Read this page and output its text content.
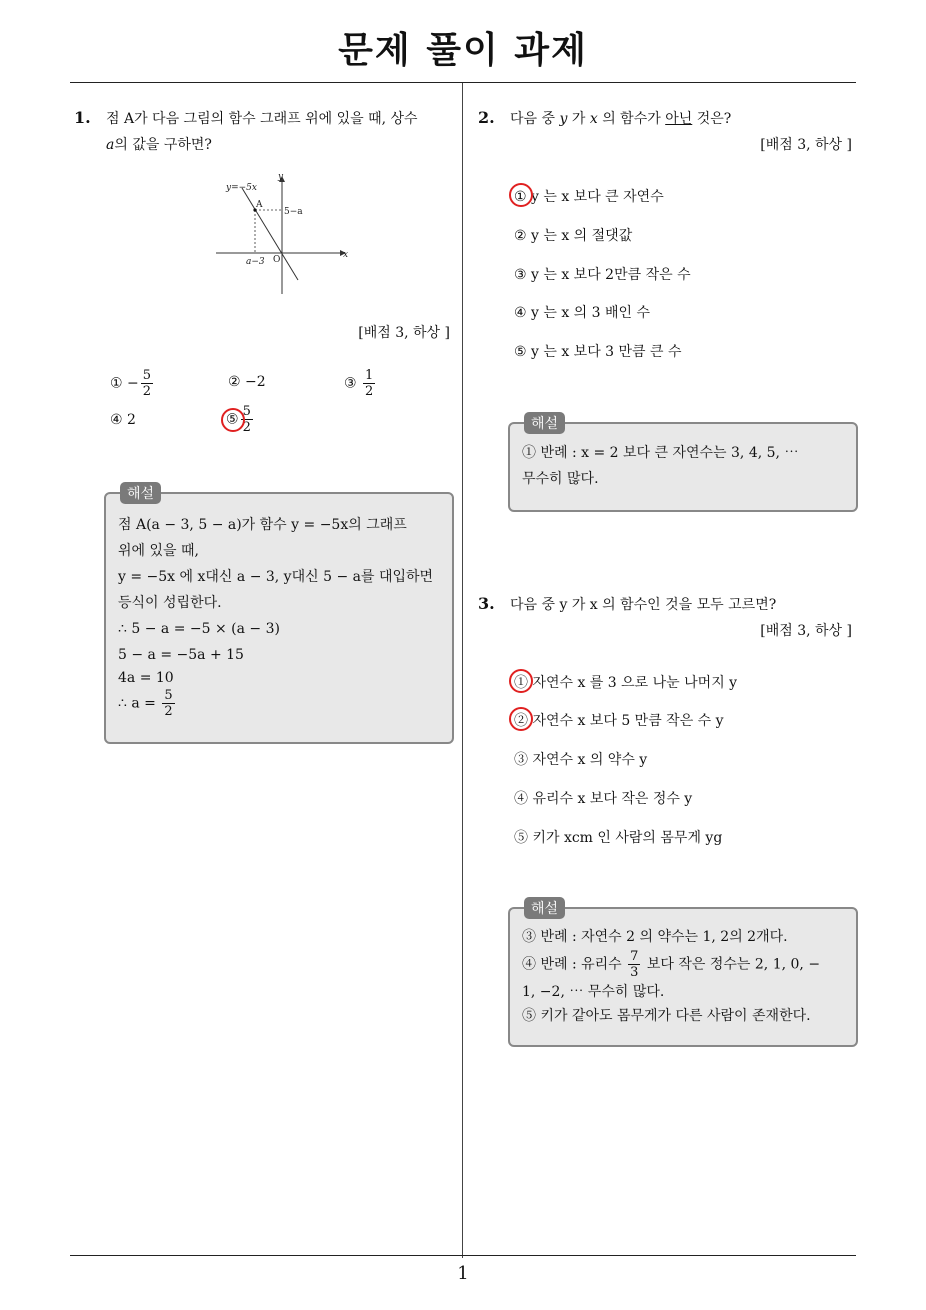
문제 풀이 과제
1. 점 A가 다음 그림의 함수 그래프 위에 있을 때, 상수
a의 값을 구하면?
y=−5x
y
x
A
5−a
a−3 O
[배점 3, 하상 ]
① − $\frac{5}{2}$	② −2	③ $\frac{1}{2}$
④ 2	⑤ $\frac{5}{2}$
해설
점 A(a − 3, 5 − a)가 함수 y = −5x의 그래프
위에 있을 때,
y = −5x 에 x대신 a − 3, y대신 5 − a를 대입하면
등식이 성립한다.
∴ 5 − a = −5 × (a − 3)
5 − a = −5a + 15
4a = 10
∴ $a = \frac{5}{2}$
2. 다음 중 y 가 x 의 함수가 아닌 것은?
[배점 3, 하상 ]
① y 는 x 보다 큰 자연수
② y 는 x 의 절댓값
③ y 는 x 보다 2만큼 작은 수
④ y 는 x 의 3 배인 수
⑤ y 는 x 보다 3 만큼 큰 수
해설
① 반례 : x = 2 보다 큰 자연수는 3, 4, 5, ⋯
무수히 많다.
3. 다음 중 y 가 x 의 함수인 것을 모두 고르면?
[배점 3, 하상 ]
① 자연수 x 를 3 으로 나눈 나머지 y
② 자연수 x 보다 5 만큼 작은 수 y
③ 자연수 x 의 약수 y
④ 유리수 x 보다 작은 정수 y
⑤ 키가 xcm 인 사람의 몸무게 yg
해설
③ 반례 : 자연수 2 의 약수는 1, 2의 2개다.
④ 반례 : 유리수 $\frac{7}{3}$ 보다 작은 정수는 2, 1, 0, −
1, −2, ⋯ 무수히 많다.
⑤ 키가 같아도 몸무게가 다른 사람이 존재한다.
1
